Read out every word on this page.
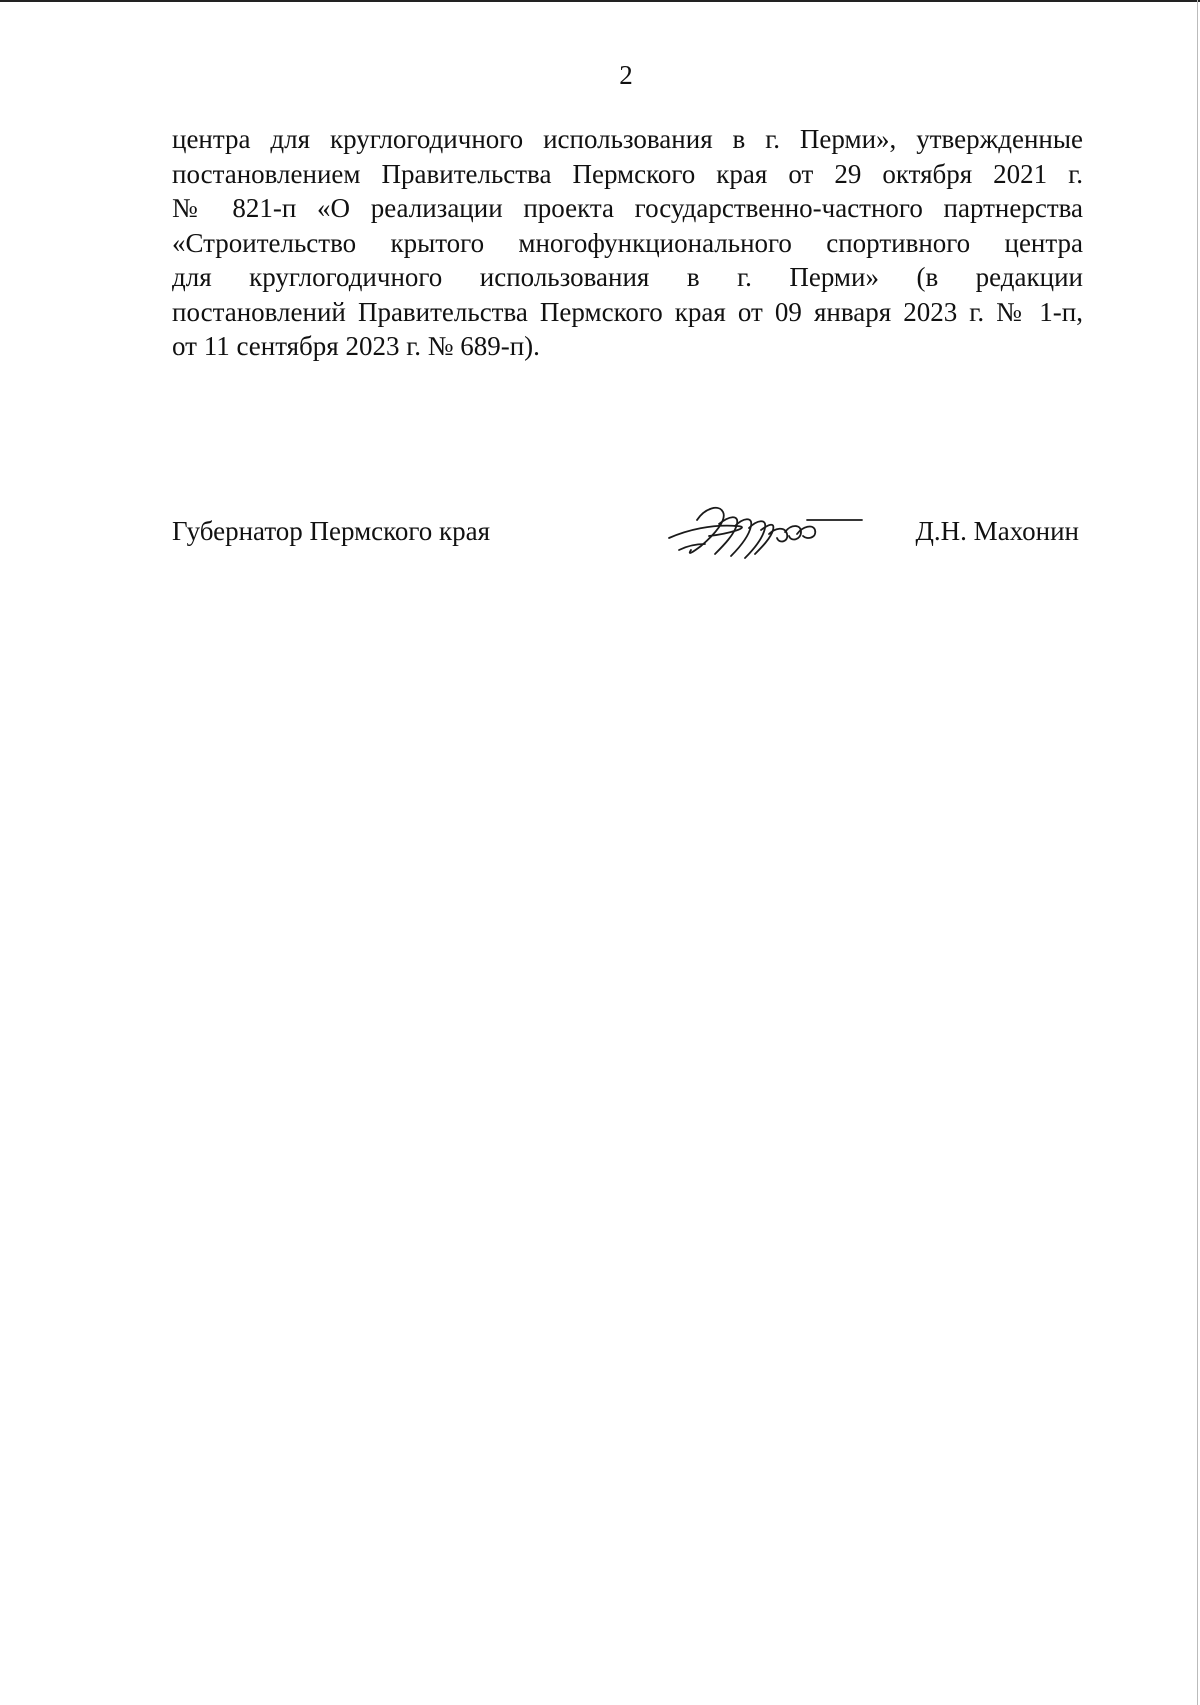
2
центра для круглогодичного использования в г. Перми», утвержденные
постановлением Правительства Пермского края от 29 октября 2021 г.
№ 821-п «О реализации проекта государственно-частного партнерства
«Строительство крытого многофункционального спортивного центра
для круглогодичного использования в г. Перми» (в редакции
постановлений Правительства Пермского края от 09 января 2023 г. № 1-п,
от 11 сентября 2023 г. № 689-п).
Губернатор Пермского края	Д.Н. Махонин
